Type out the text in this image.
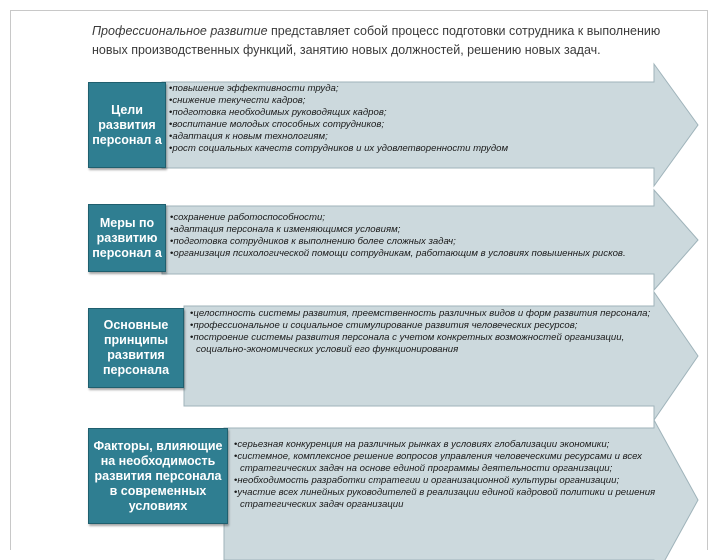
Профессиональное развитие представляет собой процесс подготовки сотрудника к выполнению новых производственных функций, занятию новых должностей, решению новых задач.

Цели развития персонал а
• повышение эффективности труда;
• снижение текучести кадров;
• подготовка необходимых руководящих кадров;
• воспитание молодых способных сотрудников;
• адаптация к новым технологиям;
• рост социальных качеств сотрудников и их удовлетворенности трудом
Меры по развитию персонал а
• сохранение работоспособности;
• адаптация персонала к изменяющимся условиям;
• подготовка сотрудников к выполнению более сложных задач;
• организация психологической помощи сотрудникам, работающим в условиях повышенных рисков.
Основные принципы развития персонала
• целостность системы развития, преемственность различных видов и форм развития персонала;
• профессиональное и социальное стимулирование развития человеческих ресурсов;
• построение системы развития персонала с учетом конкретных возможностей организации, социально-экономических условий его функционирования
Факторы, влияющие на необходимость развития персонала в современных условиях
• серьезная конкуренция на различных рынках в условиях глобализации экономики;
• системное, комплексное решение вопросов управления человеческими ресурсами и всех стратегических задач на основе единой программы деятельности организации;
• необходимость разработки стратегии и организационной культуры организации;
• участие всех линейных руководителей в реализации единой кадровой политики и решения стратегических задач организации
